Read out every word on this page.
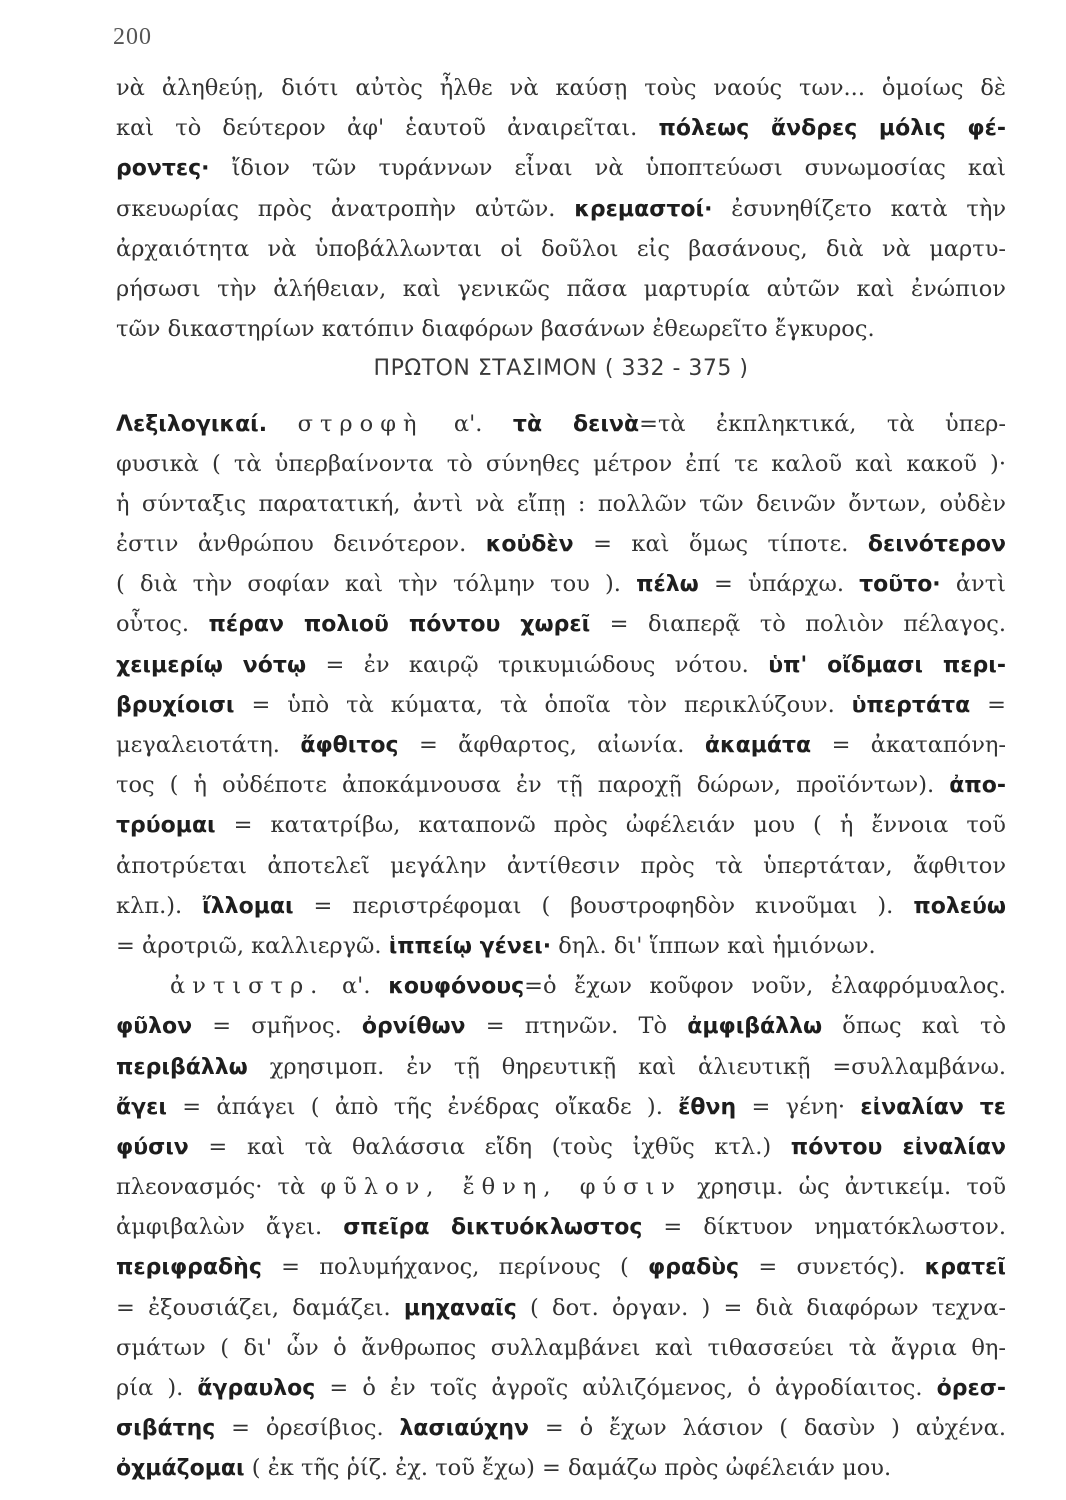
200
νὰ ἀληθεύῃ, διότι αὐτὸς ἦλθε νὰ καύσῃ τοὺς ναούς των... ὁμοίως δὲ
καὶ τὸ δεύτερον ἀφ' ἑαυτοῦ ἀναιρεῖται. πόλεως ἄνδρες μόλις φέ-
ροντες· ἴδιον τῶν τυράννων εἶναι νὰ ὑποπτεύωσι συνωμοσίας καὶ
σκευωρίας πρὸς ἀνατροπὴν αὐτῶν. κρεμαστοί· ἐσυνηθίζετο κατὰ τὴν
ἀρχαιότητα νὰ ὑποβάλλωνται οἱ δοῦλοι εἰς βασάνους, διὰ νὰ μαρτυ-
ρήσωσι τὴν ἀλήθειαν, καὶ γενικῶς πᾶσα μαρτυρία αὐτῶν καὶ ἐνώπιον
τῶν δικαστηρίων κατόπιν διαφόρων βασάνων ἐθεωρεῖτο ἔγκυρος.
ΠΡΩΤΟΝ ΣΤΑΣΙΜΟΝ ( 332 - 375 )
Λεξιλογικαί. στροφὴ α'. τὰ δεινὰ=τὰ ἐκπληκτικά, τὰ ὑπερ-
φυσικὰ ( τὰ ὑπερβαίνοντα τὸ σύνηθες μέτρον ἐπί τε καλοῦ καὶ κακοῦ )·
ἡ σύνταξις παρατατική, ἀντὶ νὰ εἴπῃ : πολλῶν τῶν δεινῶν ὄντων, οὐδὲν
ἐστιν ἀνθρώπου δεινότερον. κοὐδὲν = καὶ ὅμως τίποτε. δεινότερον
( διὰ τὴν σοφίαν καὶ τὴν τόλμην του ). πέλω = ὑπάρχω. τοῦτο· ἀντὶ
οὗτος. πέραν πολιοῦ πόντου χωρεῖ = διαπερᾷ τὸ πολιὸν πέλαγος.
χειμερίῳ νότῳ = ἐν καιρῷ τρικυμιώδους νότου. ὑπ' οἴδμασι περι-
βρυχίοισι = ὑπὸ τὰ κύματα, τὰ ὁποῖα τὸν περικλύζουν. ὑπερτάτα =
μεγαλειοτάτη. ἄφθιτος = ἄφθαρτος, αἰωνία. ἀκαμάτα = ἀκαταπόνη-
τος ( ἡ οὐδέποτε ἀποκάμνουσα ἐν τῇ παροχῇ δώρων, προϊόντων). ἀπο-
τρύομαι = κατατρίβω, καταπονῶ πρὸς ὠφέλειάν μου ( ἡ ἔννοια τοῦ
ἀποτρύεται ἀποτελεῖ μεγάλην ἀντίθεσιν πρὸς τὰ ὑπερτάταν, ἄφθιτον
κλπ.). ἴλλομαι = περιστρέφομαι ( βουστροφηδὸν κινοῦμαι ). πολεύω
= ἀροτριῶ, καλλιεργῶ. ἱππείῳ γένει· δηλ. δι' ἵππων καὶ ἡμιόνων.
ἀντιστρ. α'. κουφόνους=ὁ ἔχων κοῦφον νοῦν, ἐλαφρόμυαλος.
φῦλον = σμῆνος. ὀρνίθων = πτηνῶν. Τὸ ἀμφιβάλλω ὅπως καὶ τὸ
περιβάλλω χρησιμοπ. ἐν τῇ θηρευτικῇ καὶ ἁλιευτικῇ =συλλαμβάνω.
ἄγει = ἀπάγει ( ἀπὸ τῆς ἐνέδρας οἴκαδε ). ἔθνη = γένη· εἰναλίαν τε
φύσιν = καὶ τὰ θαλάσσια εἴδη (τοὺς ἰχθῦς κτλ.) πόντου εἰναλίαν
πλεονασμός· τὰ φῦλον, ἔθνη, φύσιν χρησιμ. ὡς ἀντικείμ. τοῦ
ἀμφιβαλὼν ἄγει. σπεῖρα δικτυόκλωστος = δίκτυον νηματόκλωστον.
περιφραδὴς = πολυμήχανος, περίνους ( φραδὺς = συνετός). κρατεῖ
= ἐξουσιάζει, δαμάζει. μηχαναῖς ( δοτ. ὀργαν. ) = διὰ διαφόρων τεχνα-
σμάτων ( δι' ὧν ὁ ἄνθρωπος συλλαμβάνει καὶ τιθασσεύει τὰ ἄγρια θη-
ρία ). ἄγραυλος = ὁ ἐν τοῖς ἀγροῖς αὐλιζόμενος, ὁ ἀγροδίαιτος. ὀρεσ-
σιβάτης = ὀρεσίβιος. λασιαύχην = ὁ ἔχων λάσιον ( δασὺν ) αὐχένα.
ὀχμάζομαι ( ἐκ τῆς ῥίζ. ἐχ. τοῦ ἔχω) = δαμάζω πρὸς ὠφέλειάν μου.
